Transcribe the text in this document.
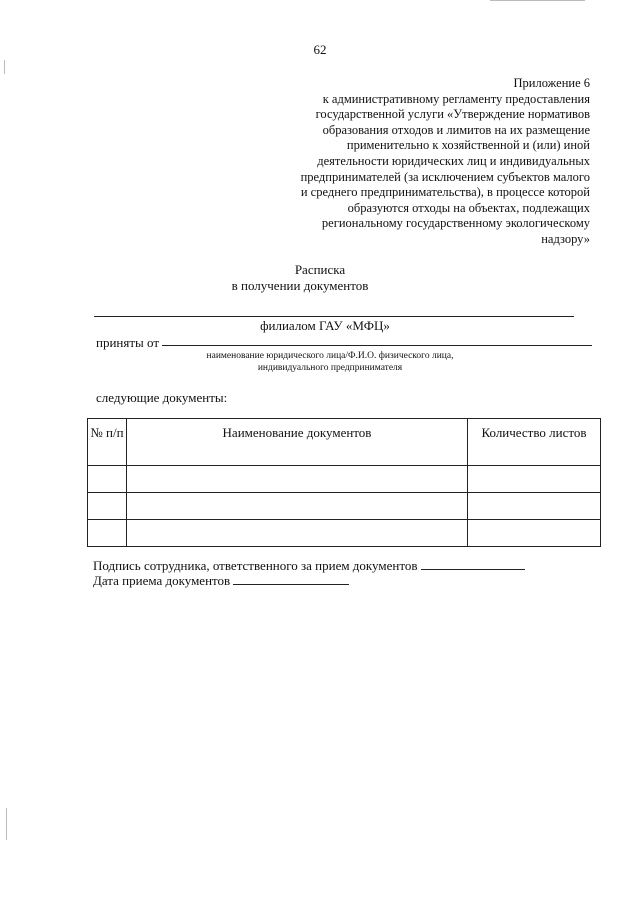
62
Приложение 6
к административному регламенту предоставления
государственной услуги «Утверждение нормативов
образования отходов и лимитов на их размещение
применительно к хозяйственной и (или) иной
деятельности юридических лиц и индивидуальных
предпринимателей (за исключением субъектов малого
и среднего предпринимательства), в процессе которой
образуются отходы на объектах, подлежащих
региональному государственному экологическому
надзору»
Расписка
в получении документов
филиалом ГАУ «МФЦ»
приняты от
наименование юридического лица/Ф.И.О. физического лица,
индивидуального предпринимателя
следующие документы:
№ п/п	Наименование документов	Количество листов

Подпись сотрудника, ответственного за прием документов
Дата приема документов
